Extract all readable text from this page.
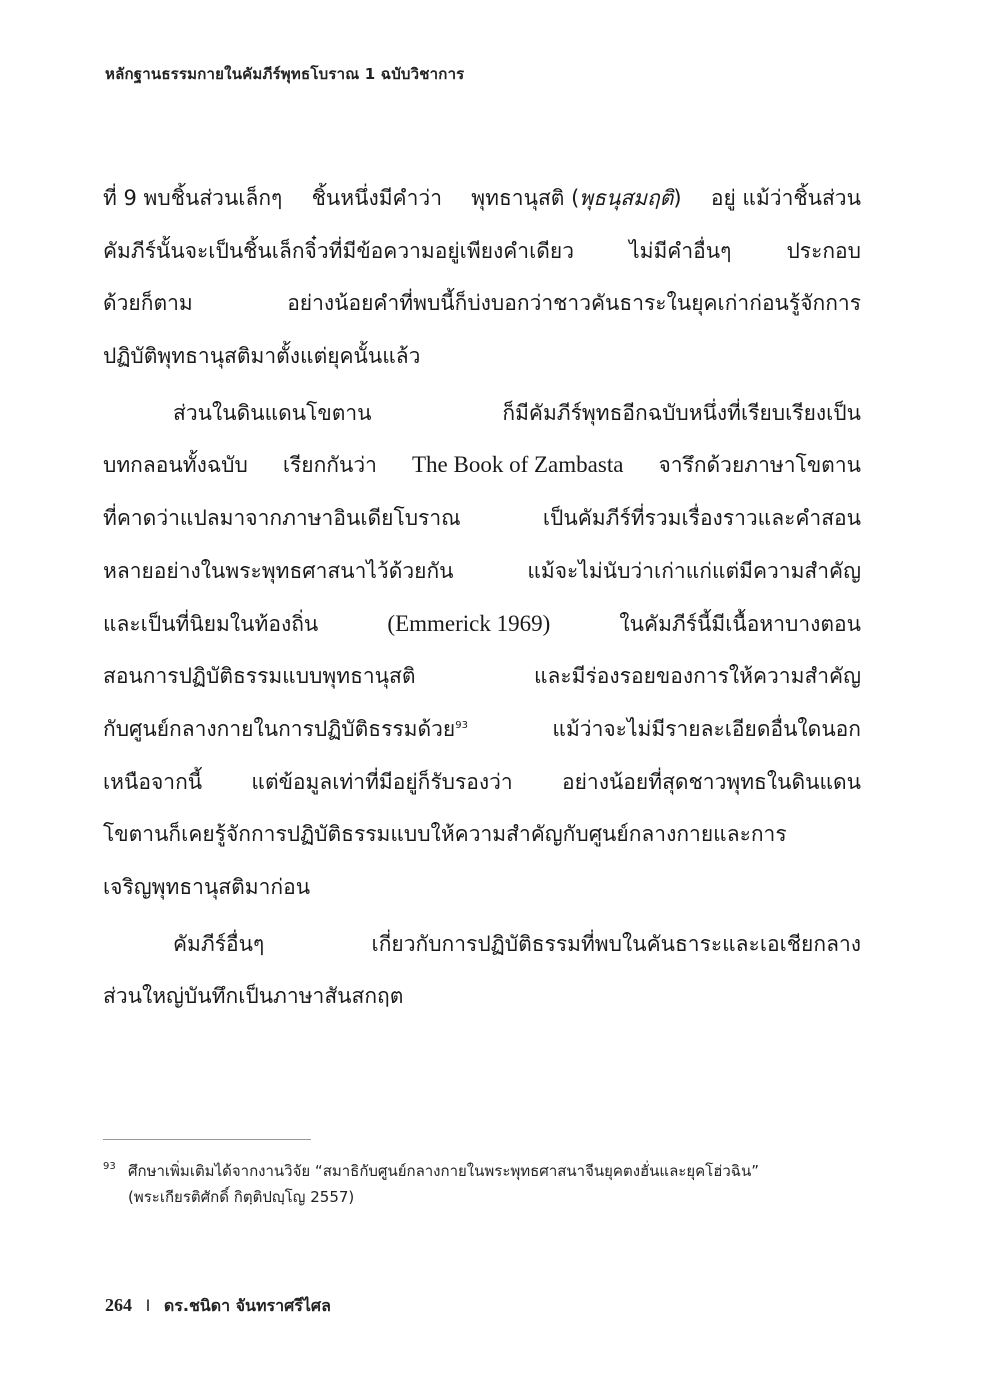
หลักฐานธรรมกายในคัมภีร์พุทธโบราณ 1 ฉบับวิชาการ
ที่ 9 พบชิ้นส่วนเล็กๆ ชิ้นหนึ่งมีคำว่า พุทธานุสติ (พุธนุสมฤติ) อยู่ แม้ว่าชิ้นส่วน
คัมภีร์นั้นจะเป็นชิ้นเล็กจิ๋วที่มีข้อความอยู่เพียงคำเดียว	ไม่มีคำอื่นๆ	ประกอบ
ด้วยก็ตาม	อย่างน้อยคำที่พบนี้ก็บ่งบอกว่าชาวคันธาระในยุคเก่าก่อนรู้จักการ
ปฏิบัติพุทธานุสติมาตั้งแต่ยุคนั้นแล้ว
ส่วนในดินแดนโขตาน	ก็มีคัมภีร์พุทธอีกฉบับหนึ่งที่เรียบเรียงเป็น
บทกลอนทั้งฉบับ เรียกกันว่า The Book of Zambasta จารึกด้วยภาษาโขตาน
ที่คาดว่าแปลมาจากภาษาอินเดียโบราณ	เป็นคัมภีร์ที่รวมเรื่องราวและคำสอน
หลายอย่างในพระพุทธศาสนาไว้ด้วยกัน	แม้จะไม่นับว่าเก่าแก่แต่มีความสำคัญ
และเป็นที่นิยมในท้องถิ่น	(Emmerick 1969)	ในคัมภีร์นี้มีเนื้อหาบางตอน
สอนการปฏิบัติธรรมแบบพุทธานุสติ	และมีร่องรอยของการให้ความสำคัญ
กับศูนย์กลางกายในการปฏิบัติธรรมด้วย$^{93}$	แม้ว่าจะไม่มีรายละเอียดอื่นใดนอก
เหนือจากนี้ แต่ข้อมูลเท่าที่มีอยู่ก็รับรองว่า อย่างน้อยที่สุดชาวพุทธในดินแดน
โขตานก็เคยรู้จักการปฏิบัติธรรมแบบให้ความสำคัญกับศูนย์กลางกายและการ
เจริญพุทธานุสติมาก่อน
คัมภีร์อื่นๆ	เกี่ยวกับการปฏิบัติธรรมที่พบในคันธาระและเอเชียกลาง
ส่วนใหญ่บันทึกเป็นภาษาสันสกฤต
93 ศึกษาเพิ่มเติมได้จากงานวิจัย “สมาธิกับศูนย์กลางกายในพระพุทธศาสนาจีนยุคตงฮั่นและยุคโฮ่วฉิน”
(พระเกียรติศักดิ์ กิตฺติปญฺโญ 2557)
264 I ดร.ชนิดา จันทราศรีไศล
